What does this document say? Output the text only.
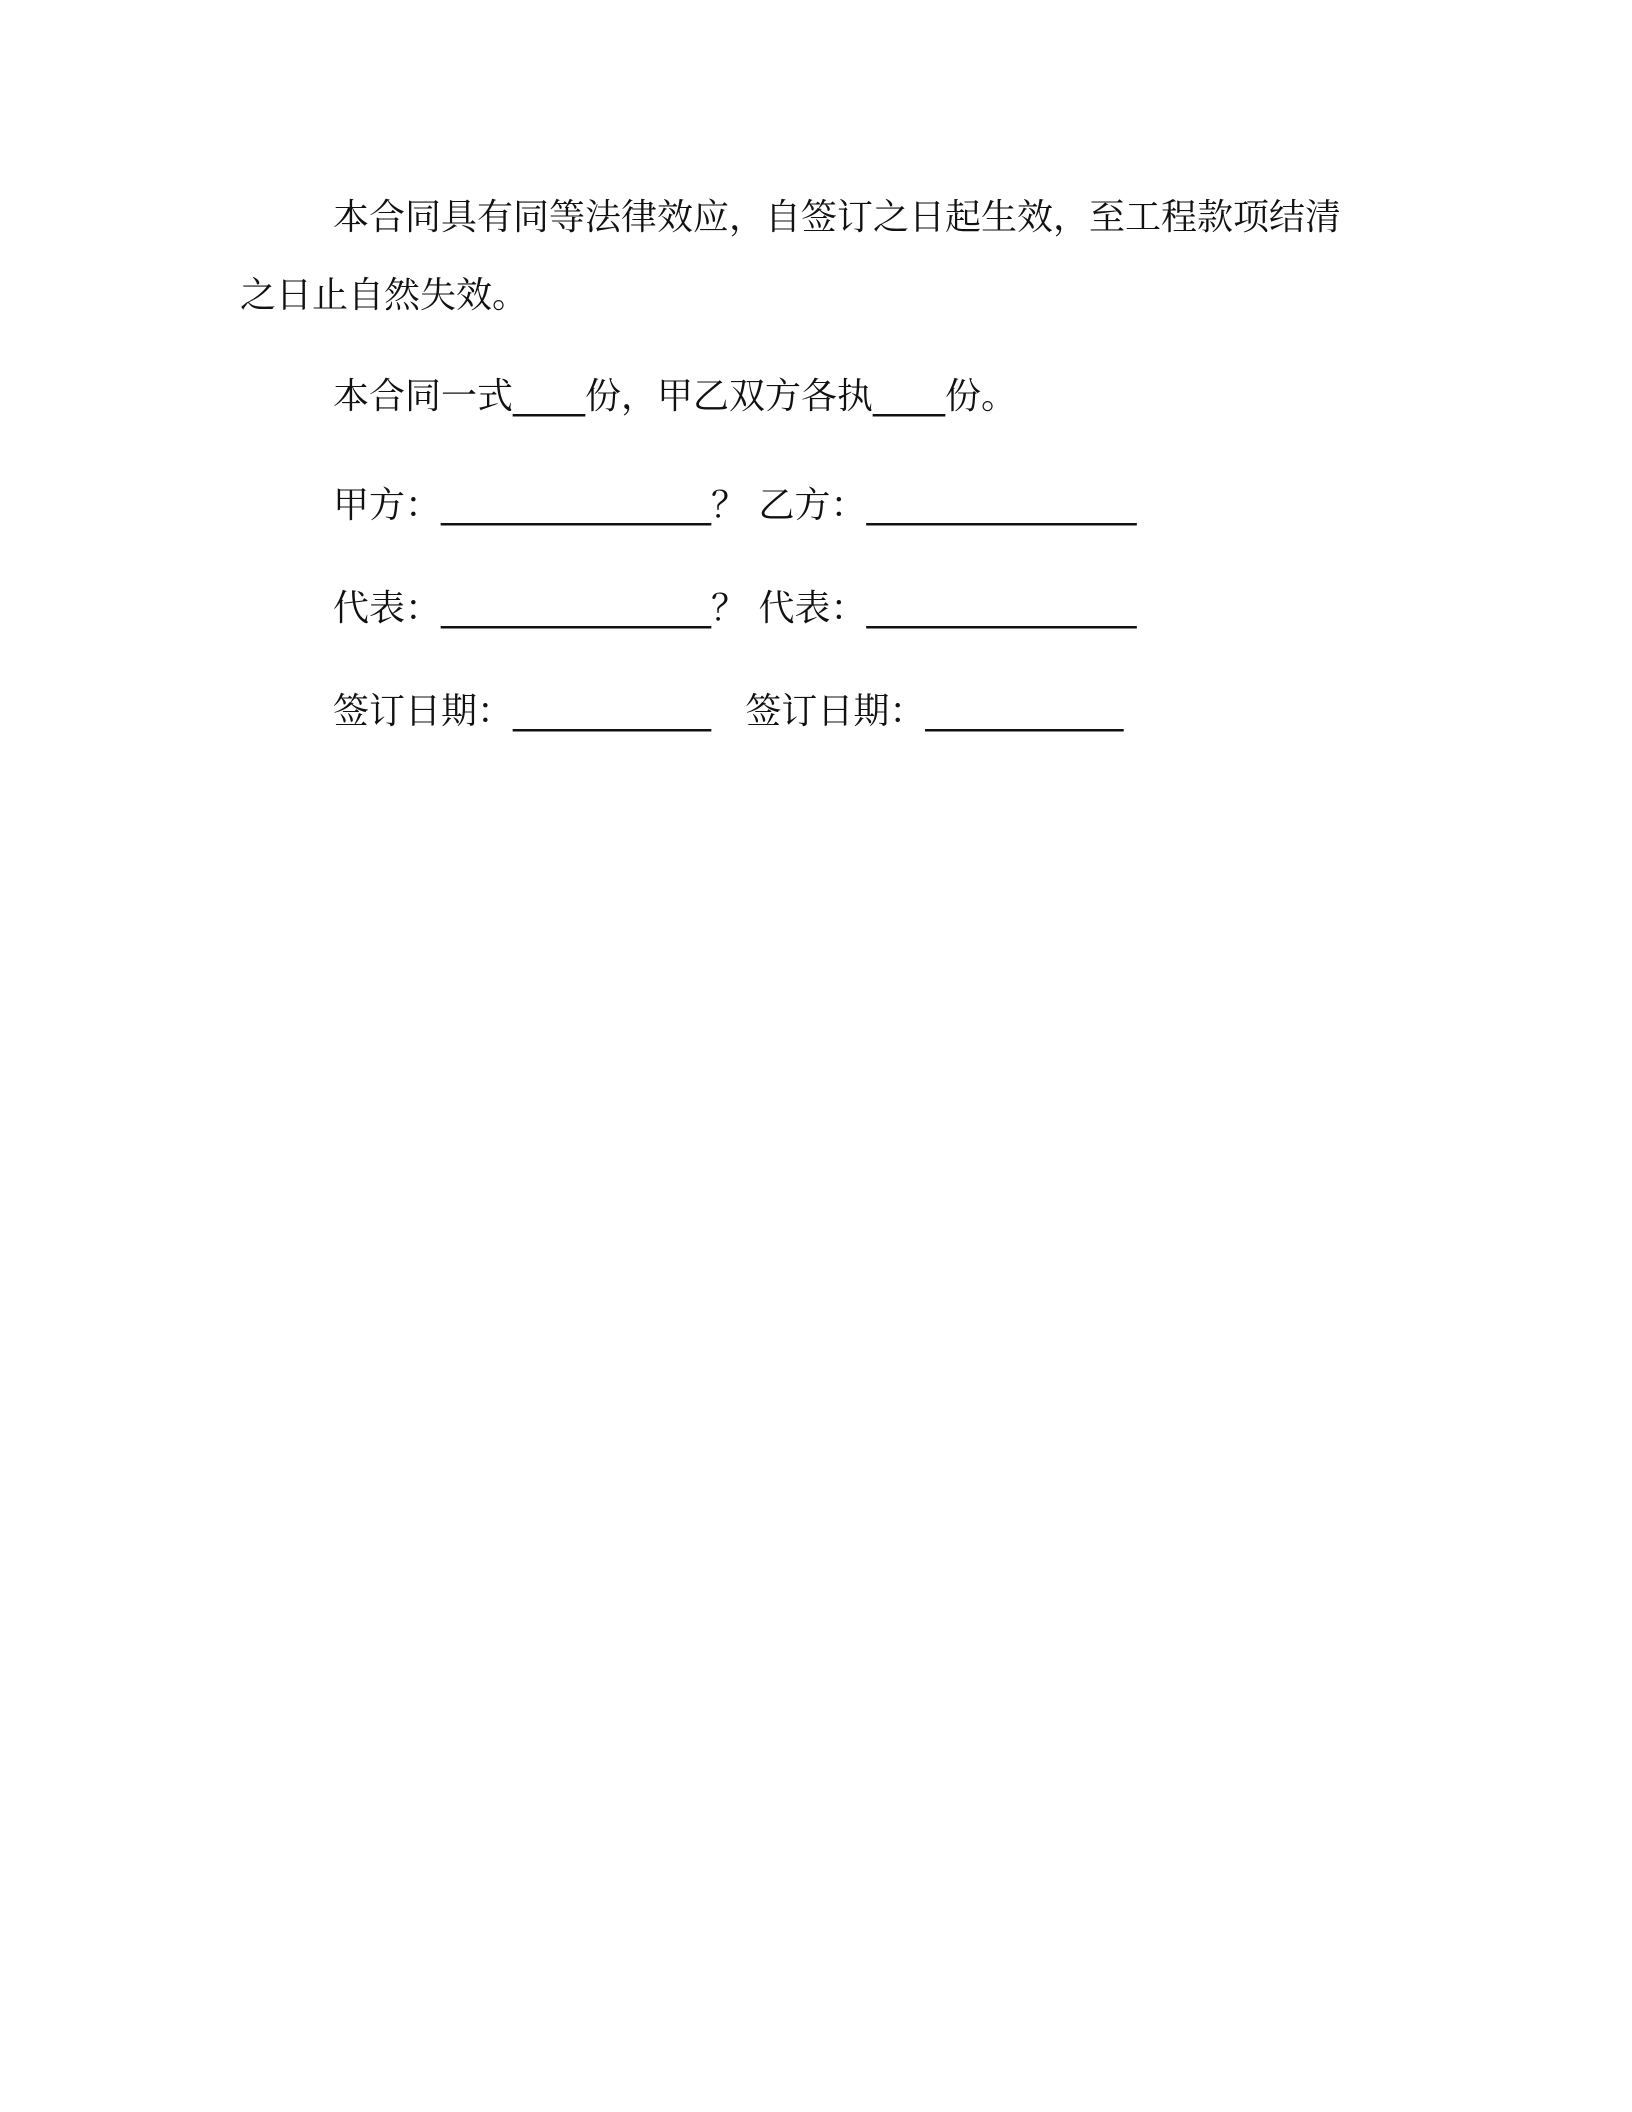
本合同具有同等法律效应，自签订之日起生效，至工程款项结清
之日止自然失效。
本合同一式____份，甲乙双方各执____份。
甲方：_______________？ 乙方：_______________
代表：_______________？ 代表：_______________
签订日期：___________   签订日期：___________
